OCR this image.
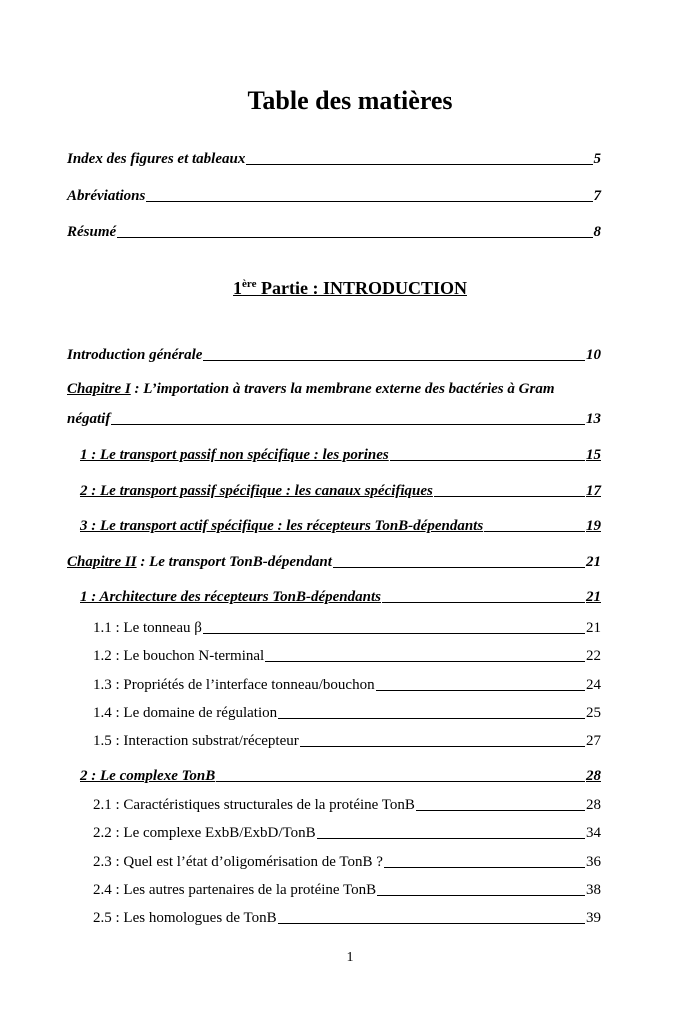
Table des matières
Index des figures et tableaux	5
Abréviations	7
Résumé	8
1ère Partie : INTRODUCTION
Introduction générale	10
Chapitre I : L’importation à travers la membrane externe des bactéries à Gram
négatif	13
1 : Le transport passif non spécifique : les porines	15
2 : Le transport passif spécifique : les canaux spécifiques	17
3 : Le transport actif spécifique : les récepteurs TonB-dépendants	19
Chapitre II : Le transport TonB-dépendant	21
1 : Architecture des récepteurs TonB-dépendants	21
1.1 : Le tonneau β	21
1.2 : Le bouchon N-terminal	22
1.3 : Propriétés de l’interface tonneau/bouchon	24
1.4 : Le domaine de régulation	25
1.5 : Interaction substrat/récepteur	27
2 : Le complexe TonB	28
2.1 : Caractéristiques structurales de la protéine TonB	28
2.2 : Le complexe ExbB/ExbD/TonB	34
2.3 : Quel est l’état d’oligomérisation de TonB ?	36
2.4 : Les autres partenaires de la protéine TonB	38
2.5 : Les homologues de TonB	39
1
